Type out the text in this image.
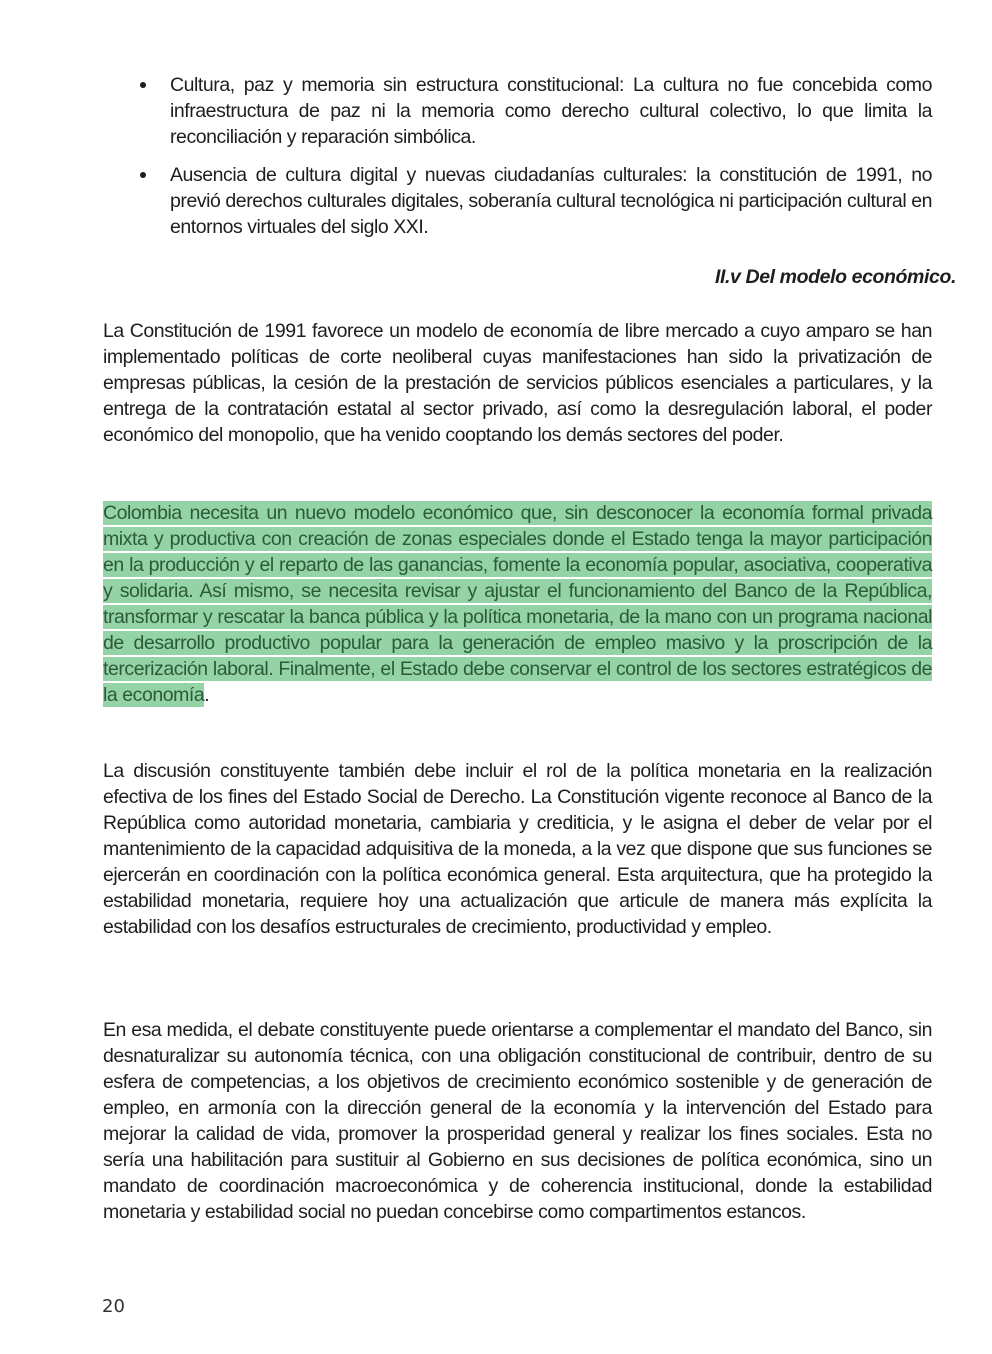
Cultura, paz y memoria sin estructura constitucional: La cultura no fue concebida como infraestructura de paz ni la memoria como derecho cultural colectivo, lo que limita la reconciliación y reparación simbólica.
Ausencia de cultura digital y nuevas ciudadanías culturales: la constitución de 1991, no previó derechos culturales digitales, soberanía cultural tecnológica ni participación cultural en entornos virtuales del siglo XXI.
II.v Del modelo económico.

La Constitución de 1991 favorece un modelo de economía de libre mercado a cuyo amparo se han implementado políticas de corte neoliberal cuyas manifestaciones han sido la privatización de empresas públicas, la cesión de la prestación de servicios públicos esenciales a particulares, y la entrega de la contratación estatal al sector privado, así como la desregulación laboral, el poder económico del monopolio, que ha venido cooptando los demás sectores del poder.

Colombia necesita un nuevo modelo económico que, sin desconocer la economía formal privada mixta y productiva con creación de zonas especiales donde el Estado tenga la mayor participación en la producción y el reparto de las ganancias, fomente la economía popular, asociativa, cooperativa y solidaria. Así mismo, se necesita revisar y ajustar el funcionamiento del Banco de la República, transformar y rescatar la banca pública y la política monetaria, de la mano con un programa nacional de desarrollo productivo popular para la generación de empleo masivo y la proscripción de la tercerización laboral. Finalmente, el Estado debe conservar el control de los sectores estratégicos de la economía.

La discusión constituyente también debe incluir el rol de la política monetaria en la realización efectiva de los fines del Estado Social de Derecho. La Constitución vigente reconoce al Banco de la República como autoridad monetaria, cambiaria y crediticia, y le asigna el deber de velar por el mantenimiento de la capacidad adquisitiva de la moneda, a la vez que dispone que sus funciones se ejercerán en coordinación con la política económica general. Esta arquitectura, que ha protegido la estabilidad monetaria, requiere hoy una actualización que articule de manera más explícita la estabilidad con los desafíos estructurales de crecimiento, productividad y empleo.

En esa medida, el debate constituyente puede orientarse a complementar el mandato del Banco, sin desnaturalizar su autonomía técnica, con una obligación constitucional de contribuir, dentro de su esfera de competencias, a los objetivos de crecimiento económico sostenible y de generación de empleo, en armonía con la dirección general de la economía y la intervención del Estado para mejorar la calidad de vida, promover la prosperidad general y realizar los fines sociales. Esta no sería una habilitación para sustituir al Gobierno en sus decisiones de política económica, sino un mandato de coordinación macroeconómica y de coherencia institucional, donde la estabilidad monetaria y estabilidad social no puedan concebirse como compartimentos estancos.

20
